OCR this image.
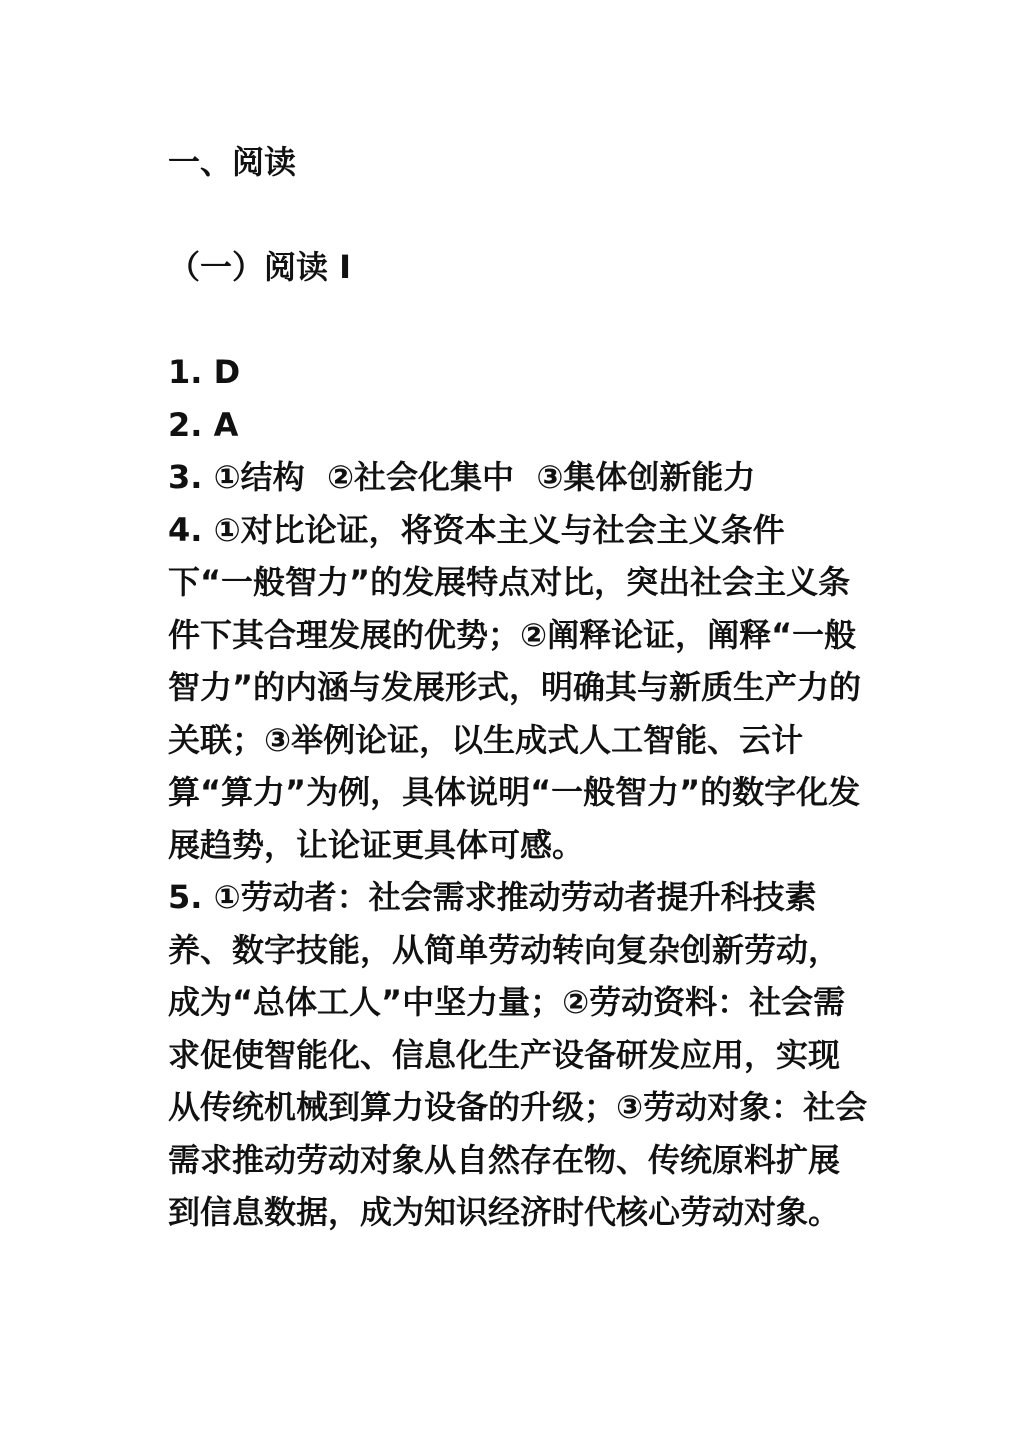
一、阅读
（一）阅读 I

1. D

2. A

3. ①结构  ②社会化集中  ③集体创新能力

4. ①对比论证，将资本主义与社会主义条件下“一般智力”的发展特点对比，突出社会主义条件下其合理发展的优势；②阐释论证，阐释“一般智力”的内涵与发展形式，明确其与新质生产力的关联；③举例论证，以生成式人工智能、云计算“算力”为例，具体说明“一般智力”的数字化发展趋势，让论证更具体可感。

5. ①劳动者：社会需求推动劳动者提升科技素养、数字技能，从简单劳动转向复杂创新劳动，成为“总体工人”中坚力量；②劳动资料：社会需求促使智能化、信息化生产设备研发应用，实现从传统机械到算力设备的升级；③劳动对象：社会需求推动劳动对象从自然存在物、传统原料扩展到信息数据，成为知识经济时代核心劳动对象。
